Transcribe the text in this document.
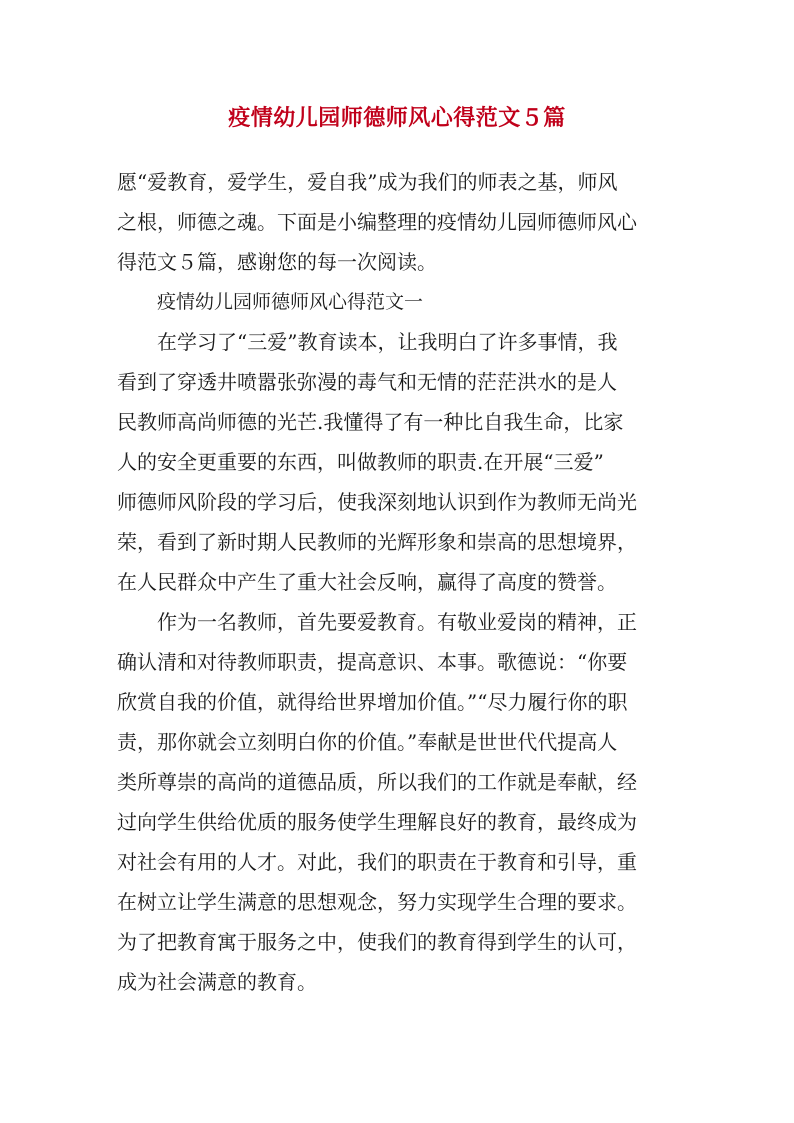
疫情幼儿园师德师风心得范文５篇
愿“爱教育，爱学生，爱自我”成为我们的师表之基，师风
之根，师德之魂。下面是小编整理的疫情幼儿园师德师风心
得范文５篇，感谢您的每一次阅读。
疫情幼儿园师德师风心得范文一
在学习了“三爱”教育读本，让我明白了许多事情，我
看到了穿透井喷嚣张弥漫的毒气和无情的茫茫洪水的是人
民教师高尚师德的光芒.我懂得了有一种比自我生命，比家
人的安全更重要的东西，叫做教师的职责.在开展“三爱”
师德师风阶段的学习后，使我深刻地认识到作为教师无尚光
荣，看到了新时期人民教师的光辉形象和崇高的思想境界，
在人民群众中产生了重大社会反响，赢得了高度的赞誉。
作为一名教师，首先要爱教育。有敬业爱岗的精神，正
确认清和对待教师职责，提高意识、本事。歌德说：“你要
欣赏自我的价值，就得给世界增加价值。”“尽力履行你的职
责，那你就会立刻明白你的价值。”奉献是世世代代提高人
类所尊崇的高尚的道德品质，所以我们的工作就是奉献，经
过向学生供给优质的服务使学生理解良好的教育，最终成为
对社会有用的人才。对此，我们的职责在于教育和引导，重
在树立让学生满意的思想观念，努力实现学生合理的要求。
为了把教育寓于服务之中，使我们的教育得到学生的认可，
成为社会满意的教育。
